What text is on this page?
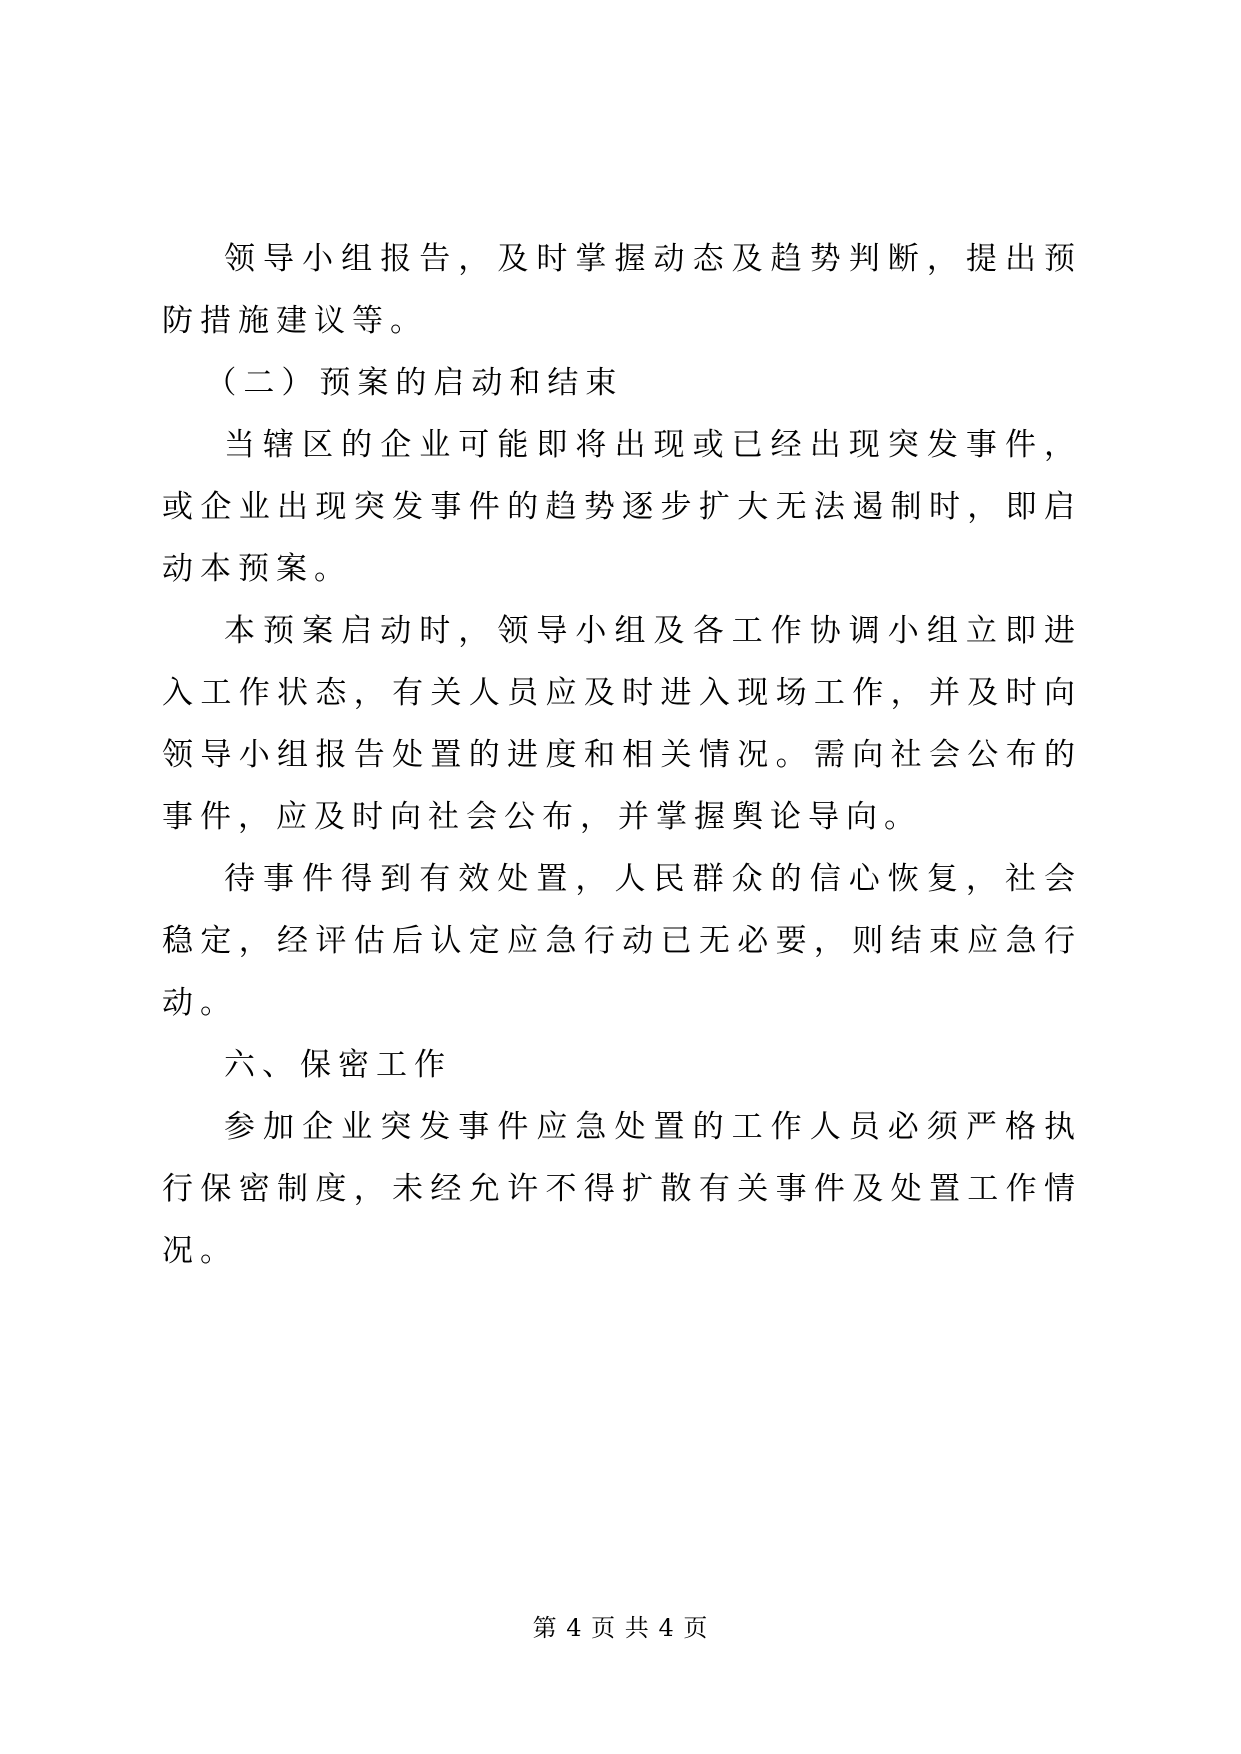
领导小组报告，及时掌握动态及趋势判断，提出预防措施建议等。

（二）预案的启动和结束

当辖区的企业可能即将出现或已经出现突发事件，或企业出现突发事件的趋势逐步扩大无法遏制时，即启动本预案。

本预案启动时，领导小组及各工作协调小组立即进入工作状态，有关人员应及时进入现场工作，并及时向领导小组报告处置的进度和相关情况。需向社会公布的事件，应及时向社会公布，并掌握舆论导向。

待事件得到有效处置，人民群众的信心恢复，社会稳定，经评估后认定应急行动已无必要，则结束应急行动。

六、保密工作

参加企业突发事件应急处置的工作人员必须严格执行保密制度，未经允许不得扩散有关事件及处置工作情况。

第 4 页 共 4 页
